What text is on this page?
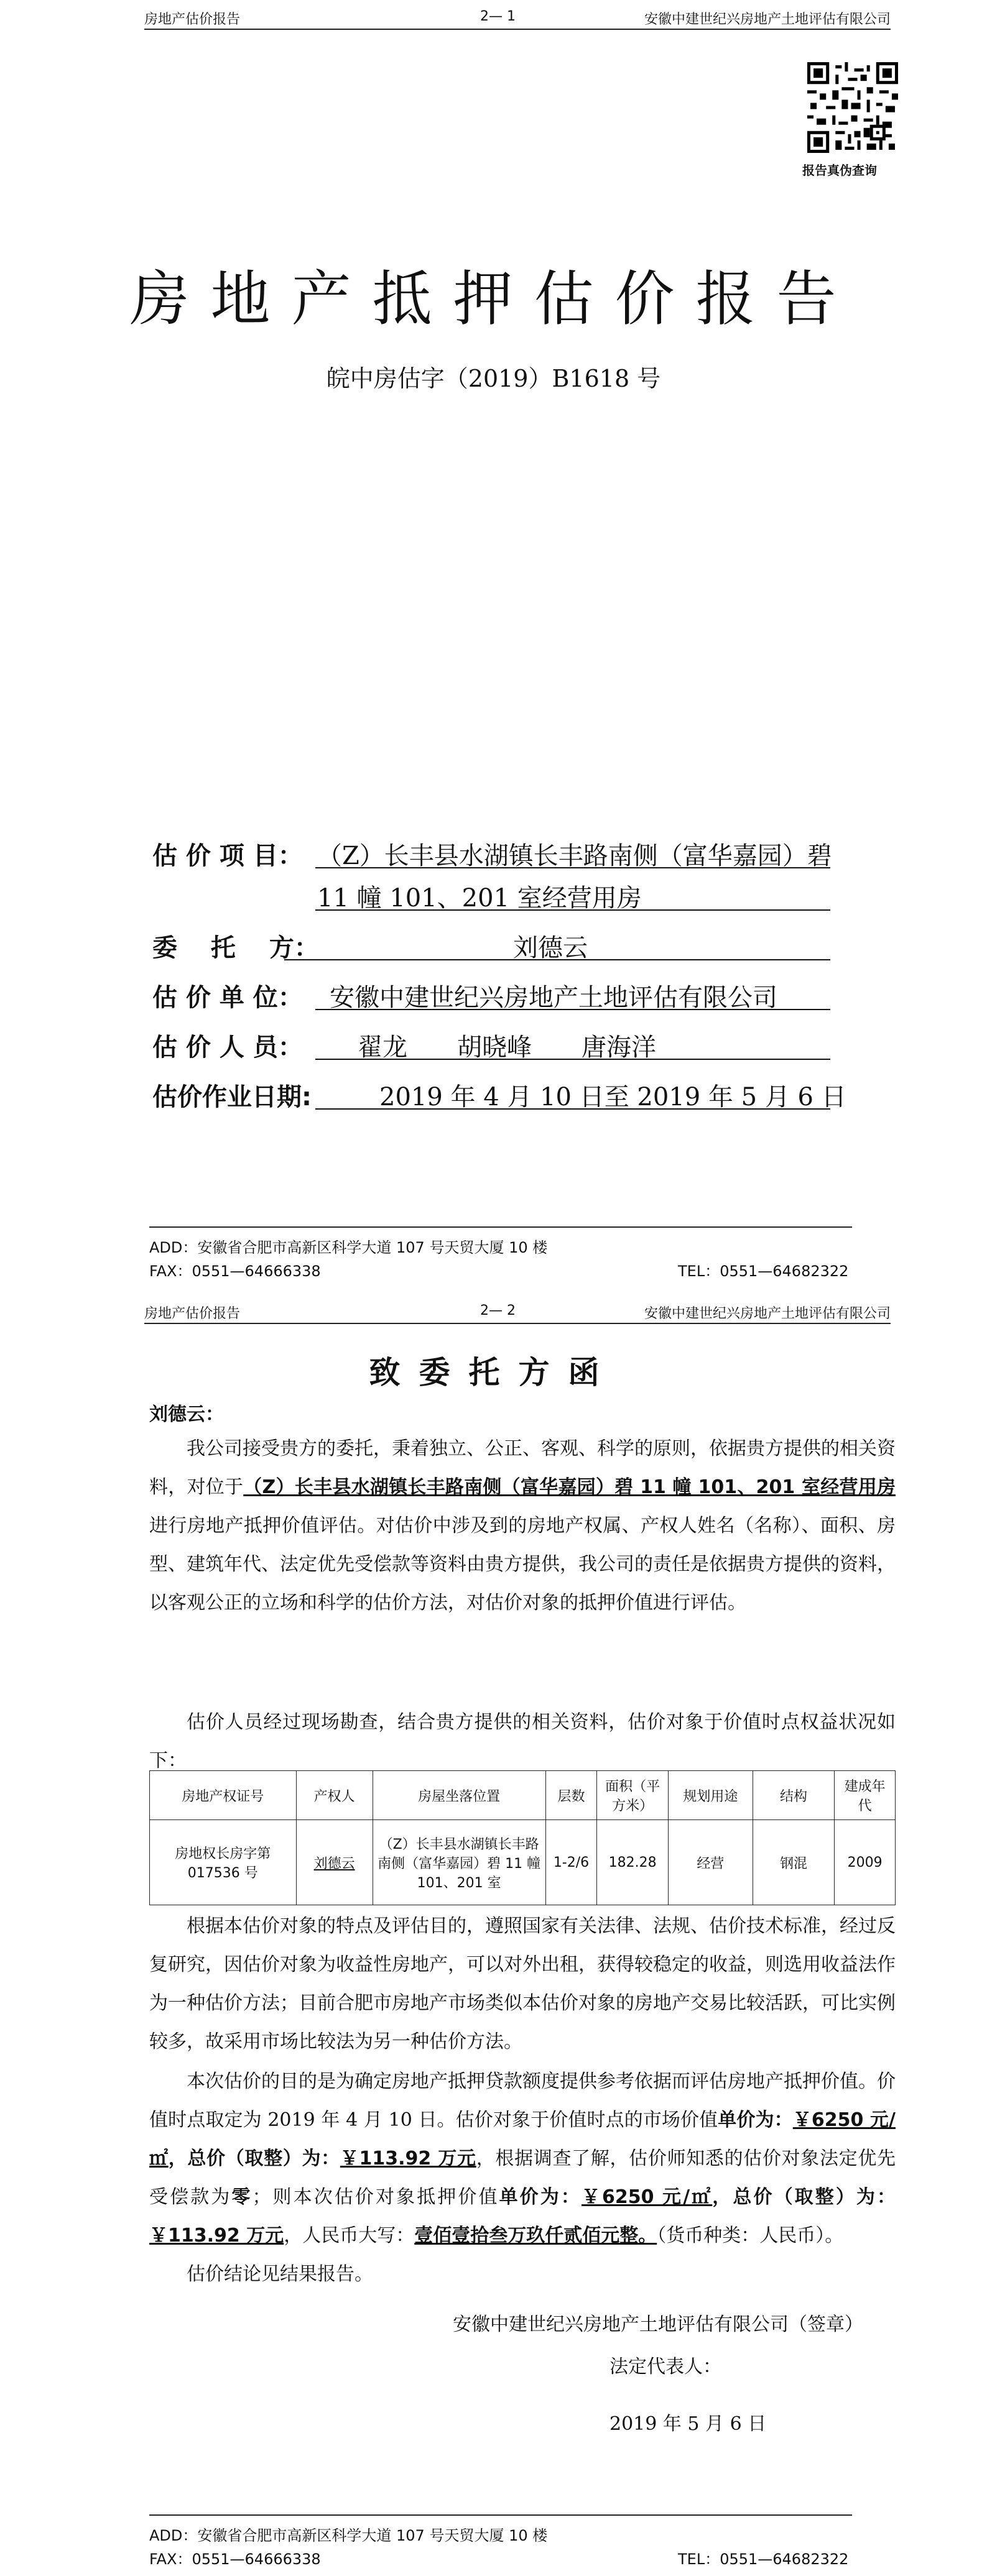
房地产估价报告	2— 1	安徽中建世纪兴房地产土地评估有限公司
报告真伪查询
房地产抵押估价报告
皖中房估字（2019）B1618 号
估 价 项 目： （Z）长丰县水湖镇长丰路南侧（富华嘉园）碧
11 幢 101、201 室经营用房
委　 托　 方：	刘德云
估 价 单 位： 安徽中建世纪兴房地产土地评估有限公司
估 价 人 员： 翟龙　　胡晓峰　　唐海洋
估价作业日期:	2019 年 4 月 10 日至 2019 年 5 月 6 日
ADD：安徽省合肥市高新区科学大道 107 号天贸大厦 10 楼
FAX：0551—64666338	TEL：0551—64682322
房地产估价报告	2— 2	安徽中建世纪兴房地产土地评估有限公司
致委托方函
刘德云：
我公司接受贵方的委托，秉着独立、公正、客观、科学的原则，依据贵方提供的相关资料，对位于（Z）长丰县水湖镇长丰路南侧（富华嘉园）碧 11 幢 101、201 室经营用房进行房地产抵押价值评估。对估价中涉及到的房地产权属、产权人姓名（名称）、面积、房型、建筑年代、法定优先受偿款等资料由贵方提供，我公司的责任是依据贵方提供的资料，以客观公正的立场和科学的估价方法，对估价对象的抵押价值进行评估。
估价人员经过现场勘查，结合贵方提供的相关资料，估价对象于价值时点权益状况如下：
房地产权证号	产权人	房屋坐落位置	层数	面积（平方米）	规划用途	结构	建成年代
房地权长房字第 017536 号	刘德云	（Z）长丰县水湖镇长丰路南侧（富华嘉园）碧 11 幢 101、201 室	1-2/6	182.28	经营	钢混	2009
根据本估价对象的特点及评估目的，遵照国家有关法律、法规、估价技术标准，经过反复研究，因估价对象为收益性房地产，可以对外出租，获得较稳定的收益，则选用收益法作为一种估价方法；目前合肥市房地产市场类似本估价对象的房地产交易比较活跃，可比实例较多，故采用市场比较法为另一种估价方法。
本次估价的目的是为确定房地产抵押贷款额度提供参考依据而评估房地产抵押价值。价值时点取定为 2019 年 4 月 10 日。估价对象于价值时点的市场价值单价为：￥6250 元/㎡，总价（取整）为：￥113.92 万元，根据调查了解，估价师知悉的估价对象法定优先受偿款为零；则本次估价对象抵押价值单价为：￥6250 元/㎡，总价（取整）为：￥113.92 万元，人民币大写：壹佰壹拾叁万玖仟贰佰元整。（货币种类：人民币）。
估价结论见结果报告。
安徽中建世纪兴房地产土地评估有限公司（签章）
法定代表人：
2019 年 5 月 6 日
ADD：安徽省合肥市高新区科学大道 107 号天贸大厦 10 楼
FAX：0551—64666338	TEL：0551—64682322
